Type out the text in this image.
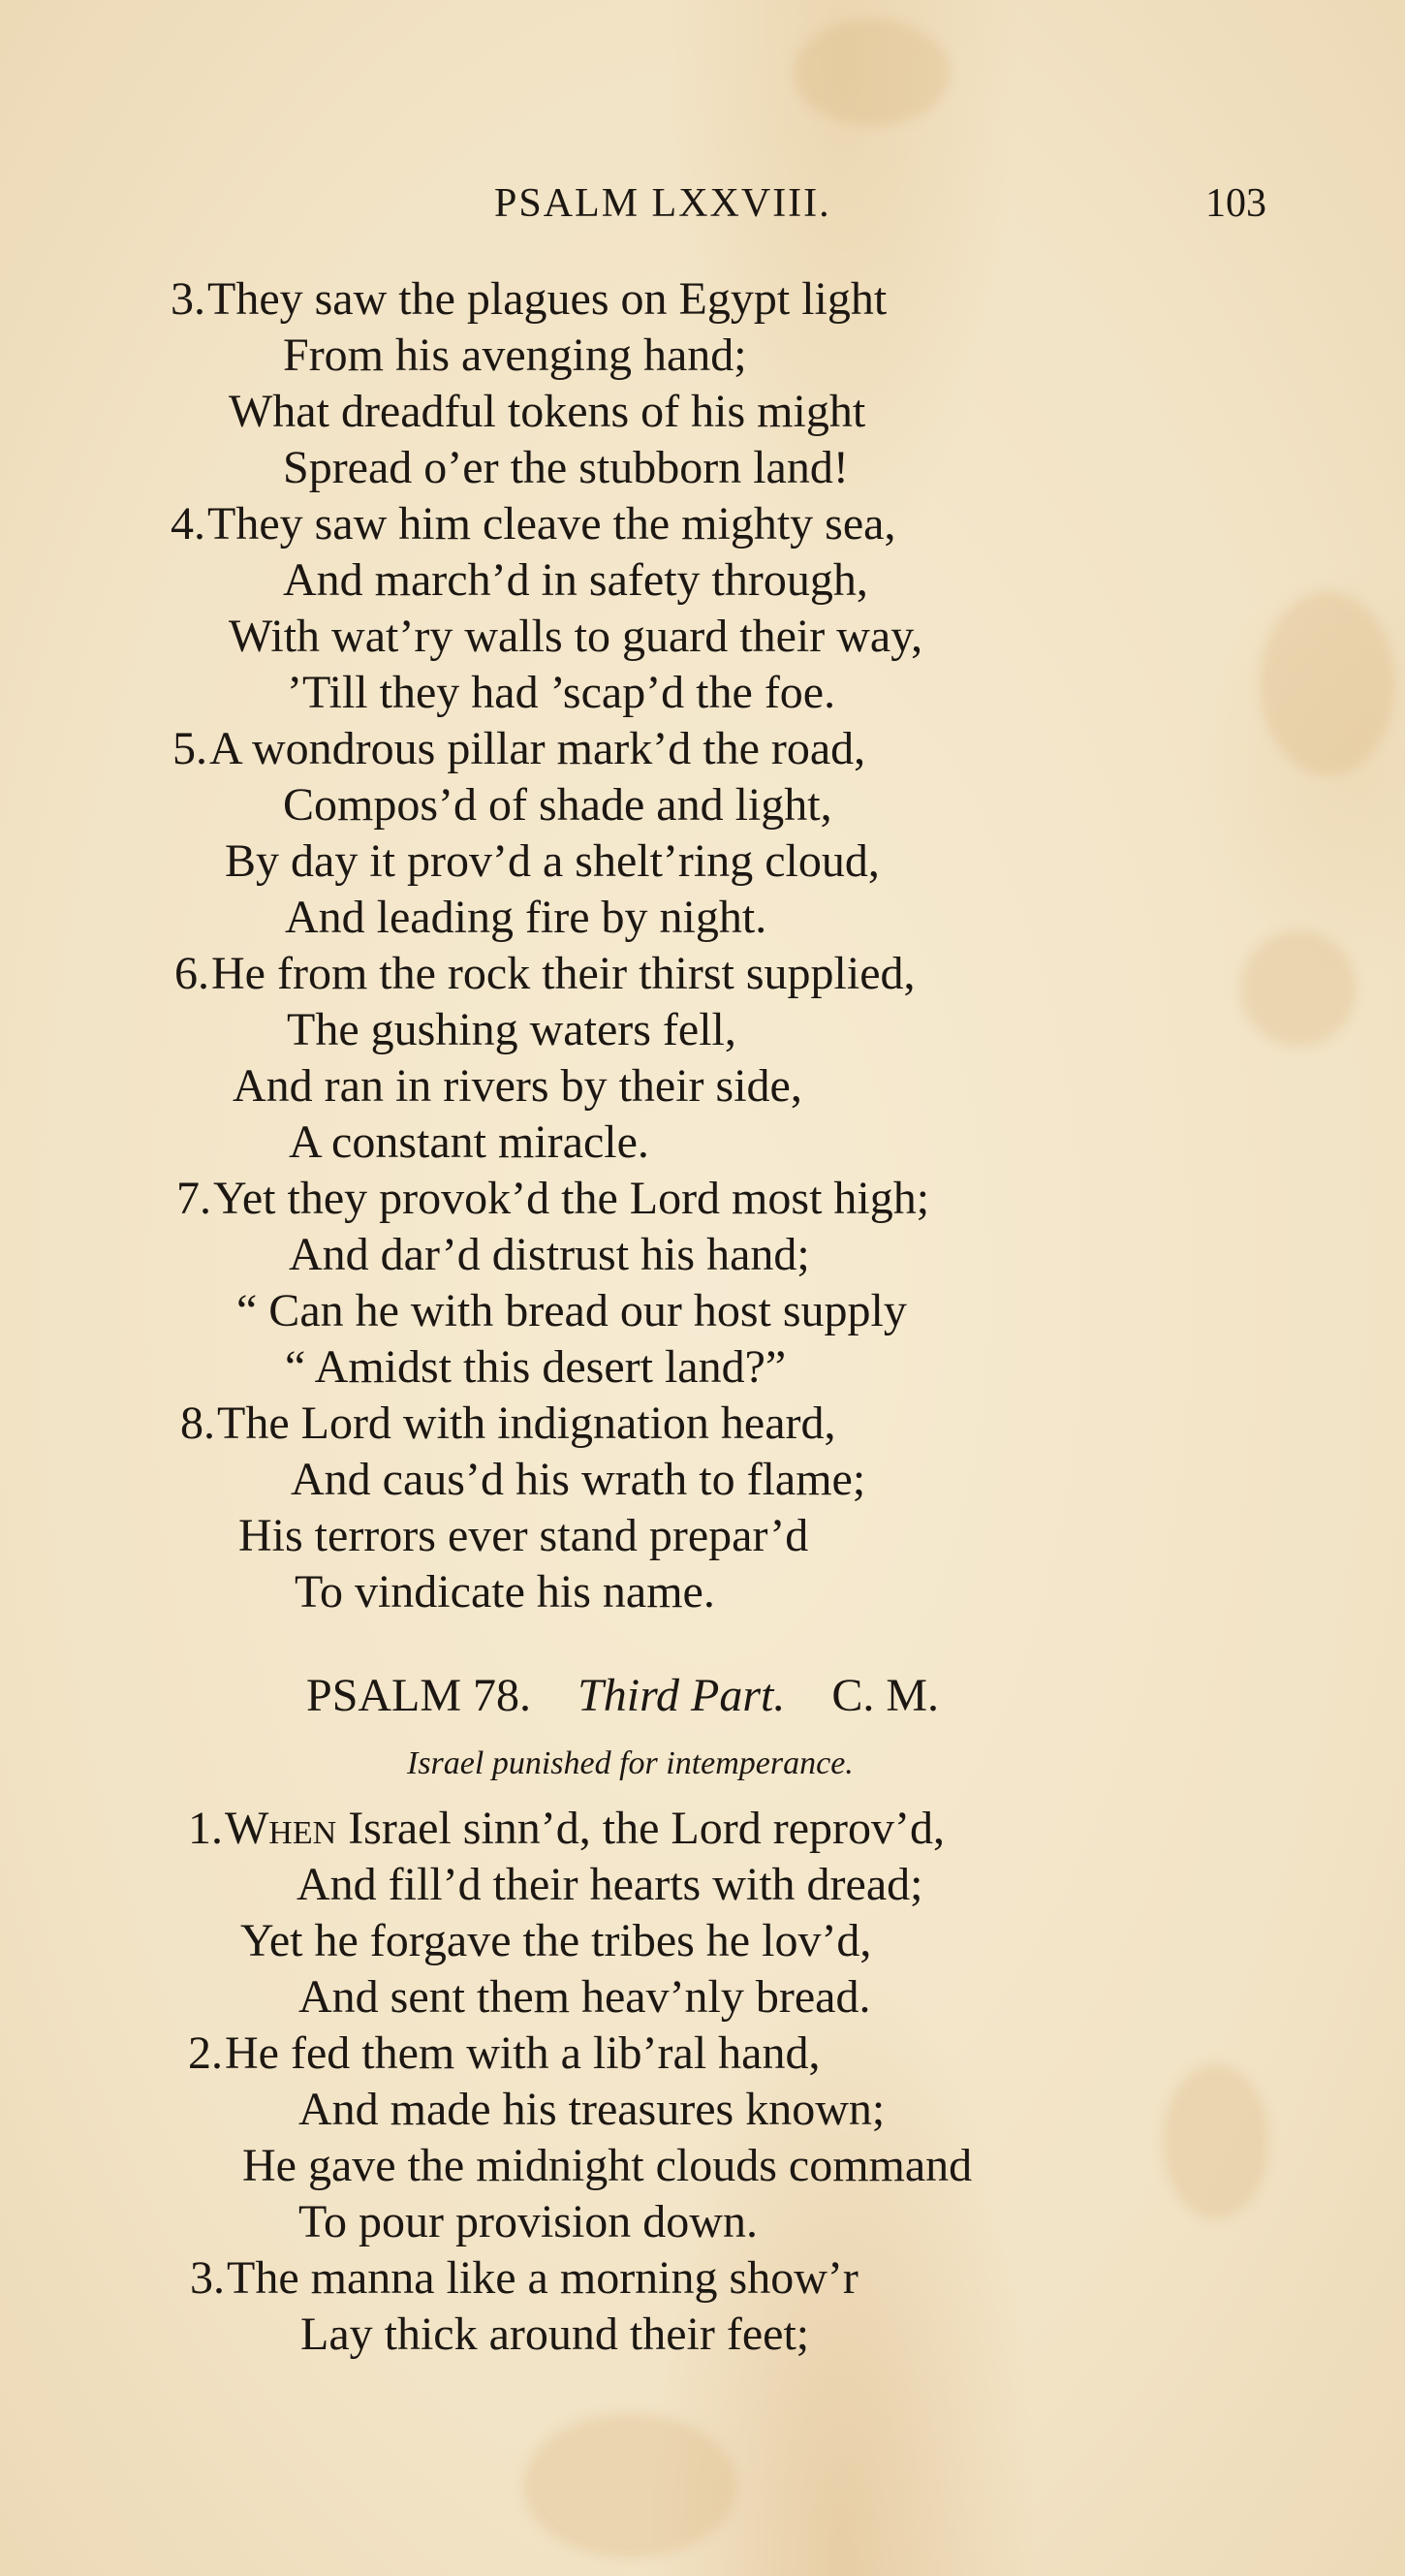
PSALM LXXVIII.	103
3.They saw the plagues on Egypt light
From his avenging hand;
What dreadful tokens of his might
Spread o’er the stubborn land!
4.They saw him cleave the mighty sea,
And march’d in safety through,
With wat’ry walls to guard their way,
’Till they had ’scap’d the foe.
5.A wondrous pillar mark’d the road,
Compos’d of shade and light,
By day it prov’d a shelt’ring cloud,
And leading fire by night.
6.He from the rock their thirst supplied,
The gushing waters fell,
And ran in rivers by their side,
A constant miracle.
7.Yet they provok’d the Lord most high;
And dar’d distrust his hand;
“ Can he with bread our host supply
“ Amidst this desert land?”
8.The Lord with indignation heard,
And caus’d his wrath to flame;
His terrors ever stand prepar’d
To vindicate his name.
PSALM 78. Third Part. C. M.
Israel punished for intemperance.
1.When Israel sinn’d, the Lord reprov’d,
And fill’d their hearts with dread;
Yet he forgave the tribes he lov’d,
And sent them heav’nly bread.
2.He fed them with a lib’ral hand,
And made his treasures known;
He gave the midnight clouds command
To pour provision down.
3.The manna like a morning show’r
Lay thick around their feet;
